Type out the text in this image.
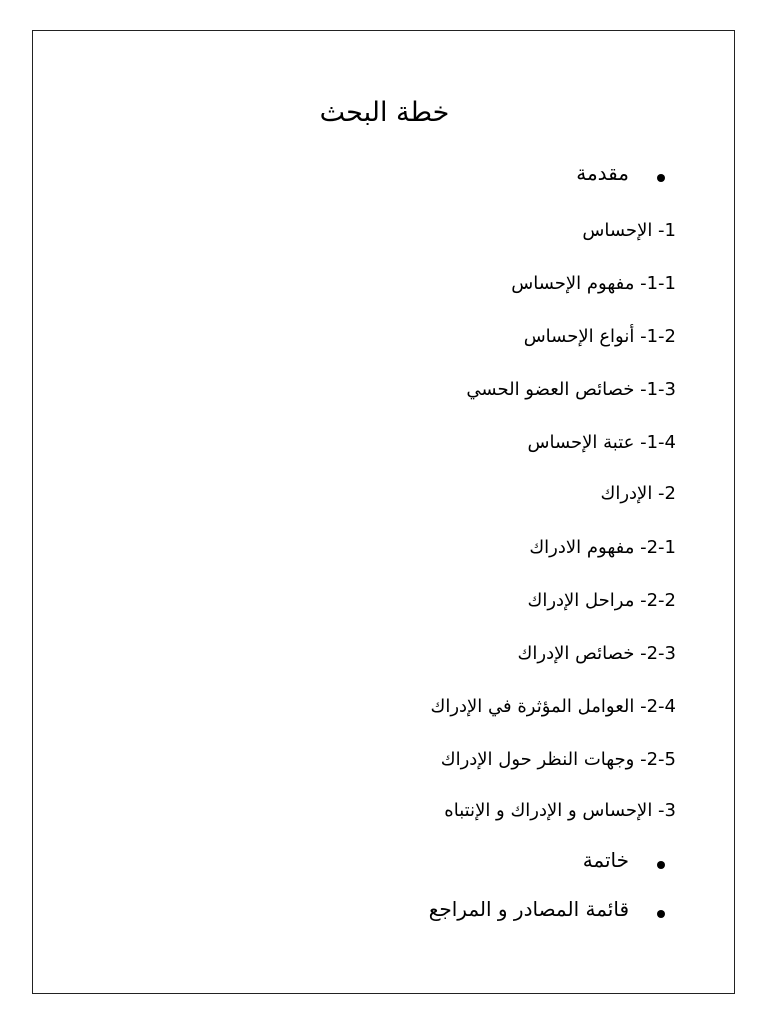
خطة البحث
مقدمة
1- الإحساس
1-1- مفهوم الإحساس
1-2- أنواع الإحساس
1-3- خصائص العضو الحسي
1-4- عتبة الإحساس
2- الإدراك
2-1- مفهوم الادراك
2-2- مراحل الإدراك
2-3- خصائص الإدراك
2-4- العوامل المؤثرة في الإدراك
2-5- وجهات النظر حول الإدراك
3- الإحساس و الإدراك و الإنتباه
خاتمة
قائمة المصادر و المراجع
